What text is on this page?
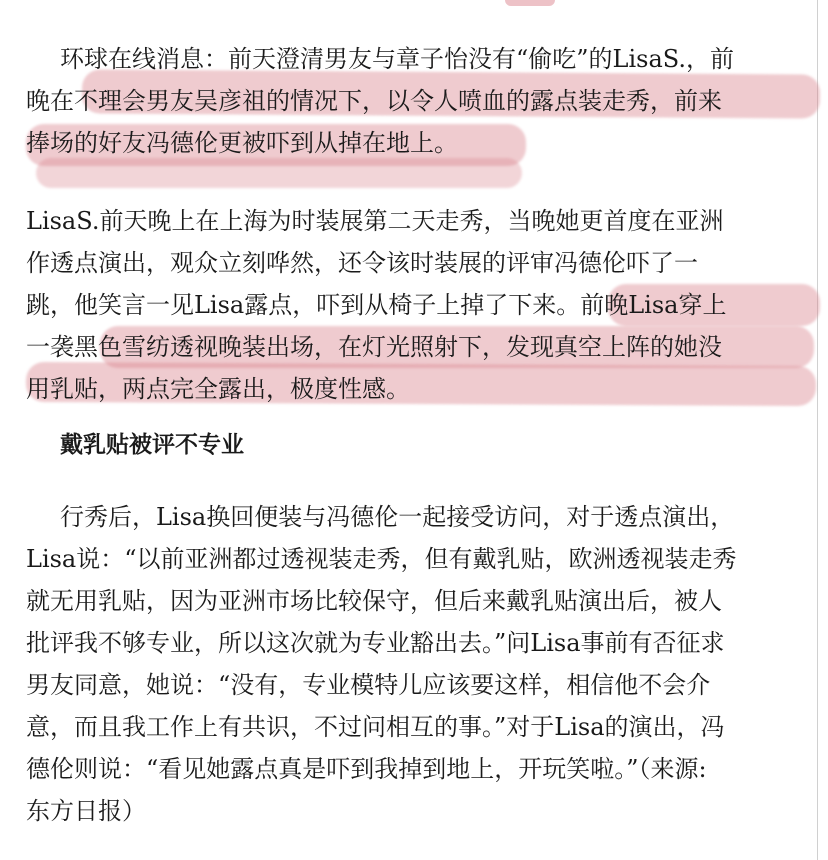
环球在线消息：前天澄清男友与章子怡没有“偷吃”的LisaS.，前
晚在不理会男友吴彦祖的情况下，以令人喷血的露点装走秀，前来
捧场的好友冯德伦更被吓到从掉在地上。

LisaS.前天晚上在上海为时装展第二天走秀，当晚她更首度在亚洲
作透点演出，观众立刻哗然，还令该时装展的评审冯德伦吓了一
跳，他笑言一见Lisa露点，吓到从椅子上掉了下来。前晚Lisa穿上
一袭黑色雪纺透视晚装出场，在灯光照射下，发现真空上阵的她没
用乳贴，两点完全露出，极度性感。

戴乳贴被评不专业

行秀后，Lisa换回便装与冯德伦一起接受访问，对于透点演出，
Lisa说：“以前亚洲都过透视装走秀，但有戴乳贴，欧洲透视装走秀
就无用乳贴，因为亚洲市场比较保守，但后来戴乳贴演出后，被人
批评我不够专业，所以这次就为专业豁出去。”问Lisa事前有否征求
男友同意，她说：“没有，专业模特儿应该要这样，相信他不会介
意，而且我工作上有共识，不过问相互的事。”对于Lisa的演出，冯
德伦则说：“看见她露点真是吓到我掉到地上，开玩笑啦。”（来源:
东方日报）
